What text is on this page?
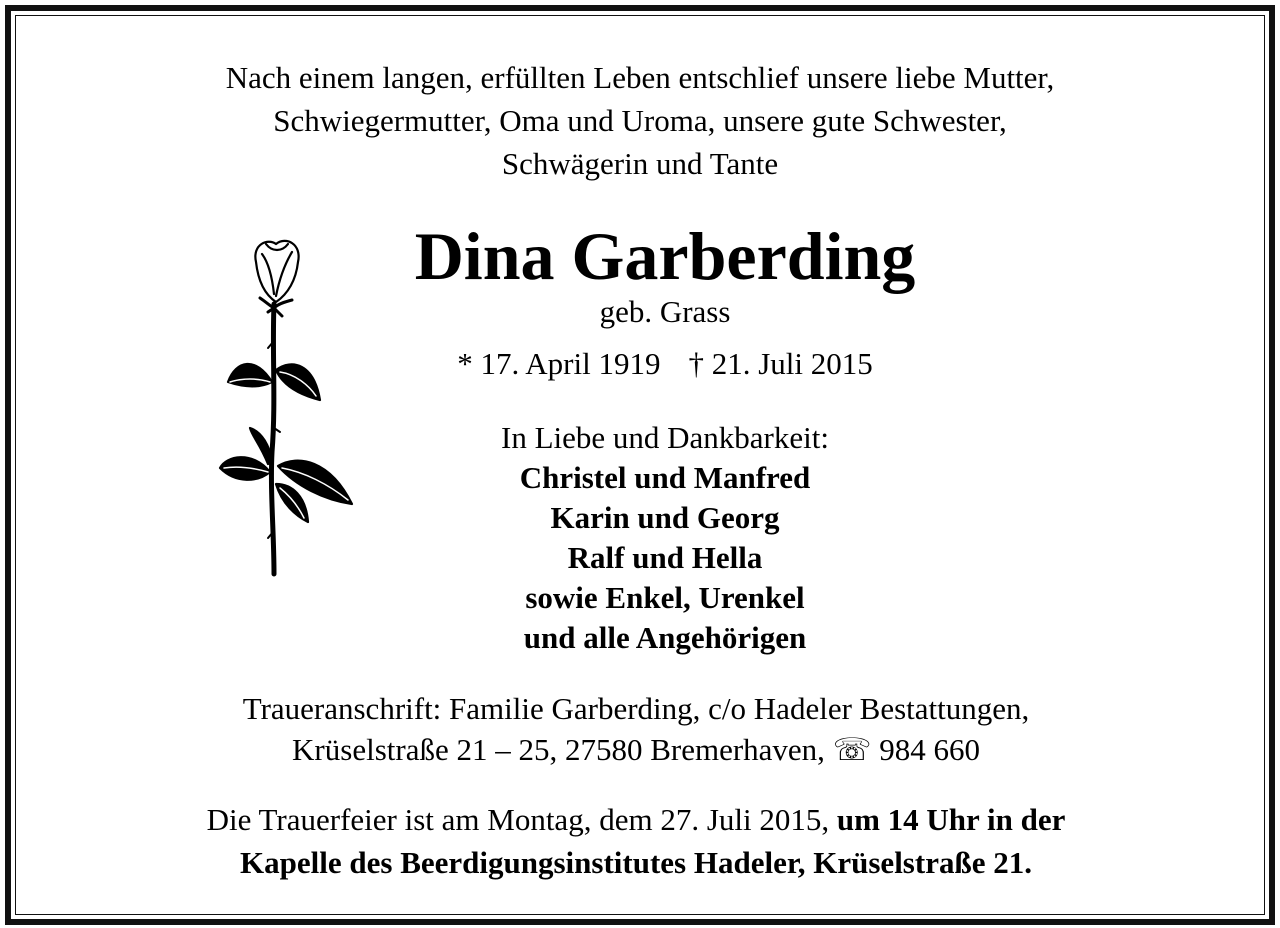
Nach einem langen, erfüllten Leben entschlief unsere liebe Mutter,
Schwiegermutter, Oma und Uroma, unsere gute Schwester,
Schwägerin und Tante
Dina Garberding
geb. Grass
* 17. April 1919 † 21. Juli 2015
In Liebe und Dankbarkeit:
Christel und Manfred
Karin und Georg
Ralf und Hella
sowie Enkel, Urenkel
und alle Angehörigen
Traueranschrift: Familie Garberding, c/o Hadeler Bestattungen,
Krüselstraße 21 – 25, 27580 Bremerhaven, ☏ 984 660
Die Trauerfeier ist am Montag, dem 27. Juli 2015, um 14 Uhr in der
Kapelle des Beerdigungsinstitutes Hadeler, Krüselstraße 21.
